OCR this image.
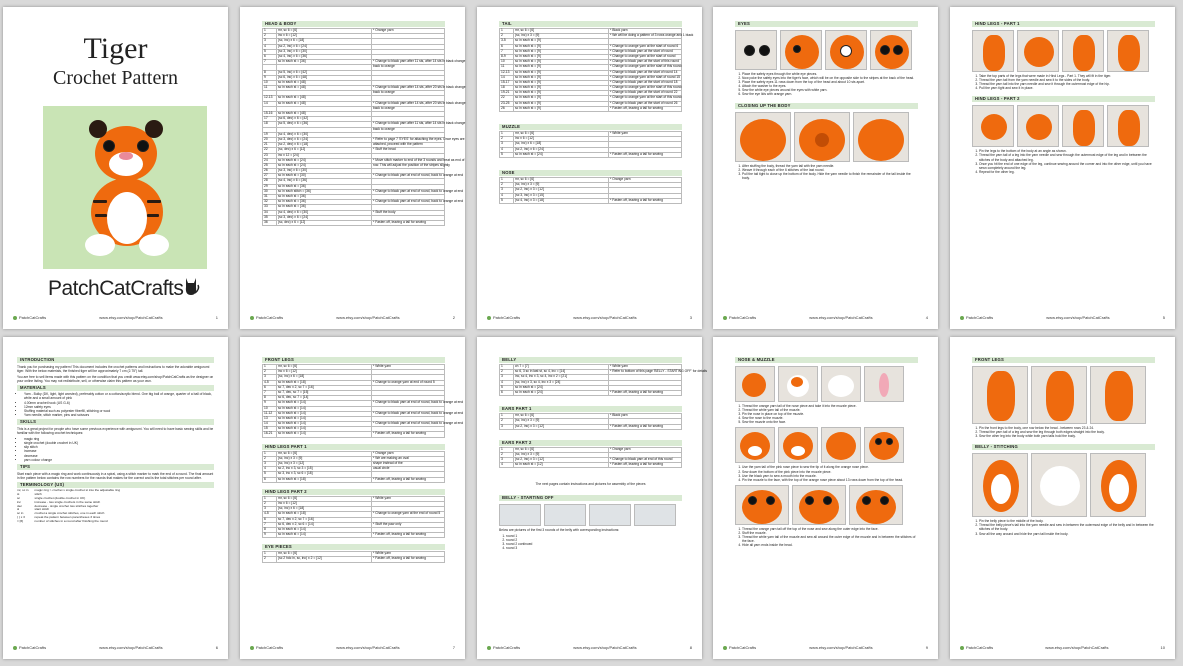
Tiger
Crochet Pattern
PatchCatCrafts
PatchCatCrafts	www.etsy.com/shop/PatchCatCrafts	1
HEAD & BODY
1	mr, sc 6 = [6]	* Orange yarn
2	inc x 6 = [12]	
3	(sc, inc) x 6 = [18]	
4	(sc 2, inc) x 6 = [24]	
5	(sc 3, inc) x 6 = [30]	
6	(sc 4, inc) x 6 = [36]	
7	sc in each st = [36]	* Change to black yarn after 11 sts, after 14 sts in black change
		back to orange
8	(sc 5, inc) x 6 = [42]	
9	(sc 6, inc) x 6 = [48]	
10	sc in each st = [48]	
11	sc in each st = [48]	* Change to black yarn after 14 sts, after 20 sts in black change
		back to orange
12-13	sc in each st = [48]	
14	sc in each st = [48]	* Change to black yarn after 14 sts, after 20 sts in black change
		back to orange
15-16	sc in each st = [48]	
17	(sc 6, dec) x 6 = [42]	
18	(sc 5, dec) x 6 = [36]	* Change to black yarn after 11 sts, after 14 sts in black change
		back to orange
19	(sc 4, dec) x 6 = [30]	
20	(sc 3, dec) x 6 = [24]	* Refer to page 7 'EYES' for attaching the eyes. Once eyes are
21	(sc 2, dec) x 6 = [18]	attached, proceed with the pattern
22	(sc, dec) x 6 = [12]	* Stuff the head
23	inc x 12 = [24]	
24	sc in each st = [24]	* Move stitch marker to end of the 3 rounds and treat as end of
25	sc in each st = [24]	row. This will adjust the position of the stripes slightly
26	(sc 3, inc) x 6 = [30]	
27	sc in each st = [30]	* Change to black yarn at end of round, back to orange at end
28	(sc 4, inc) x 6 = [36]	
29	sc in each st = [36]	
30	sc in each stitch = [36]	* Change to black yarn at end of round, back to orange at end
31	sc in each st = [36]	
32	sc in each st = [36]	* Change to black yarn at end of round, back to orange at end
33	sc in each st = [36]	
34	(sc 4, dec) x 6 = [30]	* Stuff the body
35	(sc 3, dec) x 6 = [24]	
36	(sc, dec) x 6 = [12]	* Fasten off, leaving a tail for sewing
PatchCatCrafts	www.etsy.com/shop/PatchCatCrafts	2
TAIL
1	mr, sc 6 = [6]	* Black yarn
2	(sc, inc) x 3 = [9]	* We will be doing a pattern of 3 rows orange and 1 black
3-5	sc in each st = [9]	
6	sc in each st = [9]	* Change to orange yarn at the start of round 6
7	sc in each st = [9]	* Change to black yarn at the start of round
8-9	sc in each st = [9]	* Change to orange yarn at the start of round
10	sc in each st = [9]	* Change to black yarn at the start of this round
11	sc in each st = [9]	* Change to orange yarn at the start of this round
12-13	sc in each st = [9]	* Change to black yarn at the start of round 14
14	sc in each st = [9]	* Change to orange yarn at the start of round 15
15-17	sc in each st = [9]	* Change to black yarn at the start of round 18
18	sc in each st = [9]	* Change to orange yarn at the start of this round
19-21	sc in each st = [9]	* Change to black yarn at the start of round 22
22	sc in each st = [9]	* Change to orange yarn at the start of this round
23-25	sc in each st = [9]	* Change to black yarn at the start of round 26
26	sc in each st = [9]	* Fasten off, leaving a tail for sewing
MUZZLE
1	mr, sc 6 = [6]	* White yarn
2	inc x 6 = [12]	
3	(sc, inc) x 6 = [18]	
4	(sc 2, inc) x 6 = [24]	
5	sc in each st = [24]	* Fasten off, leaving a tail for sewing
NOSE
1	mr, sc 6 = [6]	* Orange yarn
2	(sc, inc) x 3 = [9]	
3	(sc 2, inc) x 3 = [12]	
4	(sc 3, inc) x 3 = [15]	
5	(sc 4, inc) x 3 = [18]	* Fasten off, leaving a tail for sewing
PatchCatCrafts	www.etsy.com/shop/PatchCatCrafts	3
EYES
1. Place the safety eyes through the white eye pieces.
2. Now poke the safety eyes into the tiger's face, which will be on the opposite side to the stripes at the back of the head.
3. Place the safety eyes 11 rows down from the top of the head and about 10 sts apart.
4. Attach the washer to the eyes.
5. Sew the white eye pieces around the eyes with white yarn.
6. Sew the eye lids with orange yarn.
CLOSING UP THE BODY
1. After stuffing the body, thread the yarn tail with the yarn needle.
2. Weave it through each of the 6 stitches of the last round.
3. Pull the tail tight to close up the bottom of the body. Hide the yarn needle to finish the remainder of the tail inside the body.
PatchCatCrafts	www.etsy.com/shop/PatchCatCrafts	4
HIND LEGS - PART 1
1. Take the top parts of the legs that were made in Hind Legs - Part 1. They will fit in the tiger.
2. Thread the yarn tail from the yarn needle and sew it to the sides of the body.
3. Thread the yarn tail into the yarn needle and sew it through the outermost edge of the hip.
4. Pull the yarn tight and sew it in place.
HIND LEGS - PART 2
1. Pin the legs to the bottom of the body at an angle as shown.
2. Thread the yarn tail of a leg into the yarn needle and sew through the outermost edge of the leg and in between the stitches of the body and attached leg.
3. Once you hit the end of one edge of the leg, continue sewing around the corner and into the other edge, until you have sewn completely around the leg.
4. Repeat for the other leg.
PatchCatCrafts	www.etsy.com/shop/PatchCatCrafts	5
INTRODUCTION

Thank you for purchasing my pattern! This document includes the crochet patterns and instructions to make the adorable amigurumi tiger. With the below materials, the finished tiger will be approximately 7 cm (2.75") tall.

You are free to sell items made with this pattern on the condition that you credit www.etsy.com/shop/PatchCatCrafts as the designer on your online listing. You may not redistribute, sell, or otherwise claim this pattern as your own.

MATERIALS
• Yarn - Bulky (DK, light, light worsted), preferably cotton or a cotton/acrylic blend. One big ball of orange, quarter of a ball of black, white and a small amount of pink
• 4.00mm crochet hook (US G-6)
• 12mm safety eyes
• Stuffing material such as polyester fiberfill, stitching or wool
• Yarn needle, stitch marker, pins and scissors
SKILLS

This is a great project for people who have some previous experience with amigurumi. You will need to have basic sewing skills and be familiar with the following crochet techniques:

• magic ring
• single crochet (double crochet in UK)
• slip stitch
• increase
• decrease
• yarn colour change
TIPS

Start each piece with a magic ring and work continuously in a spiral, using a stitch marker to mark the end of a round. The final amount in the pattern below contains the row numbers for the rounds that makes for the correct and is the total stitches per round after.

TERMINOLOGY (US)
mr, sc in	magic ring > crochet x single crochet st into the adjustable ring
st	stitch
sc	single crochet (double crochet in UK)
inc	increase - two single crochets in the same stitch
dec	decrease - single crochet two stitches together
sl	slant stitch
sc in	crochet a single crochet stitches, one in each stitch
( ) x 3	repeat the pattern between parentheses 3 times
= [6]	number of stitches in a round after finishing the round
PatchCatCrafts	www.etsy.com/shop/PatchCatCrafts	6
FRONT LEGS
1	mr, sc 6 = [6]	* White yarn
2	inc x 6 = [12]	
3	(sc, inc) x 6 = [18]	
4-5	sc in each st = [18]	* Change to orange yarn at end of round 5
6	sc 7, dec x 2, sc 7 = [16]	
7	sc 7, dec, sc 7 = [15]	
8	sc 6, dec, sc 7 = [14]	
9	sc in each st = [14]	* Change to black yarn at end of round, back to orange at end
10	sc in each st = [14]	
11-12	sc in each st = [14]	* Change to black yarn at end of round, back to orange at end
13	sc in each st = [14]	
14	sc in each st = [14]	* Change to black yarn at end of round, back to orange at end
15	sc in each st = [14]	
16-21	sc in each st = [14]	* Fasten off, leaving a tail for sewing
HIND LEGS PART 1
1	mr, sc 6 = [6]	* Orange yarn
2	(sc, inc) x 3 = [9]	* We are making an oval
3	(sc, inc) x 3 = [12]	shape instead of the
4	sc 2, inc x 3, sc 3 = [15]	usual circle
5	sc 3, inc x 3, sc 6 = [18]	
6	sc in each st = [18]	* Fasten off, leaving a tail for sewing
HIND LEGS PART 2
1	mr, sc 6 = [6]	* White yarn
2	inc x 6 = [12]	
3	(sc, inc) x 6 = [18]	
4-5	sc in each st = [18]	* Change to orange yarn at the end of round 5
6	sc 7, dec x 2, sc 7 = [16]	
7	sc 6, dec x 2, sc 6 = [14]	* Stuff the paw only
8	sc in each st = [14]	
9	sc in each st = [14]	* Fasten off, leaving a tail for sewing
EYE PIECES
1	mr, sc 6 = [6]	* White yarn
2	(sc 2 hdc in, sc, inc) x 2 = [12]	* Fasten off, leaving a tail for sewing
PatchCatCrafts	www.etsy.com/shop/PatchCatCrafts	7
BELLY
1	ch 7 = [7]	* White yarn
2	sc 6, 3 sc in last st, sc 4, inc = [14]	* Refer to bottom of this page 'BELLY - STARTING OFF' for details
3	inc, sc 4, inc x 3, sc 4, inc x 2 = [21]	
4	(sc, inc) x 3, sc 4, inc x 3 = [24]	
5	sc in each st = [24]	
6	sc in each st = [24]	* Fasten off, leaving a tail for sewing
EARS PART 1
1	mr, sc 6 = [6]	* Black yarn
2	(sc, inc) x 3 = [9]	
3	(sc 2, inc) x 3 = [12]	* Fasten off, leaving a tail for sewing
EARS PART 2
1	mr, sc 6 = [6]	* Orange yarn
2	(sc, inc) x 3 = [9]	
3	(sc 2, inc) x 3 = [12]	* Change to black yarn at end of this round
4	sc in each st = [12]	* Fasten off, leaving a tail for sewing

The next pages contain instructions and pictures for assembly of the pieces

BELLY - STARTING OFF

Below are pictures of the first 3 rounds of the belly with corresponding instructions:

1. round 1
2. round 2
3. round 2 continued
4. round 3
PatchCatCrafts	www.etsy.com/shop/PatchCatCrafts	8
NOSE & MUZZLE
1. Thread the orange yarn tail of the nose piece and take it into the muzzle piece.
2. Thread the white yarn tail of the muzzle.
3. Pin the nose in place on top of the muzzle.
4. Sew the nose to the muzzle.
5. Sew the muzzle onto the face.
1. Use the yarn tail of the pink nose piece to sew the tip of it along the orange nose piece.
2. Sew down the bottom of the pink piece into the muzzle piece.
3. Use the black yarn to sew a mouth into the muzzle.
4. Pin the muzzle to the face, with the top of the orange nose piece about 13 rows down from the top of the head.
1. Thread the orange yarn tail off the top of the nose and sew along the outer edge into the face.
2. Stuff the muzzle.
3. Thread the white yarn tail of the muzzle and sew all around the outer edge of the muzzle and in between the stitches of the face.
4. Hide all yarn ends inside the head.
PatchCatCrafts	www.etsy.com/shop/PatchCatCrafts	9
FRONT LEGS
1. Pin the front legs to the body, one row below the head - between rows 23 & 24.
2. Thread the yarn tail of a leg and sew the leg through both edges straight into the body.
3. Sew the other leg into the body while both yarn tails hold the body.
BELLY - STITCHING
1. Pin the belly piece to the middle of the body.
2. Thread the belly piece's tail into the yarn needle and sew in between the outermost edge of the belly and in between the stitches of the body.
3. Sew all the way around and hide the yarn tail inside the body.
PatchCatCrafts	www.etsy.com/shop/PatchCatCrafts	10
